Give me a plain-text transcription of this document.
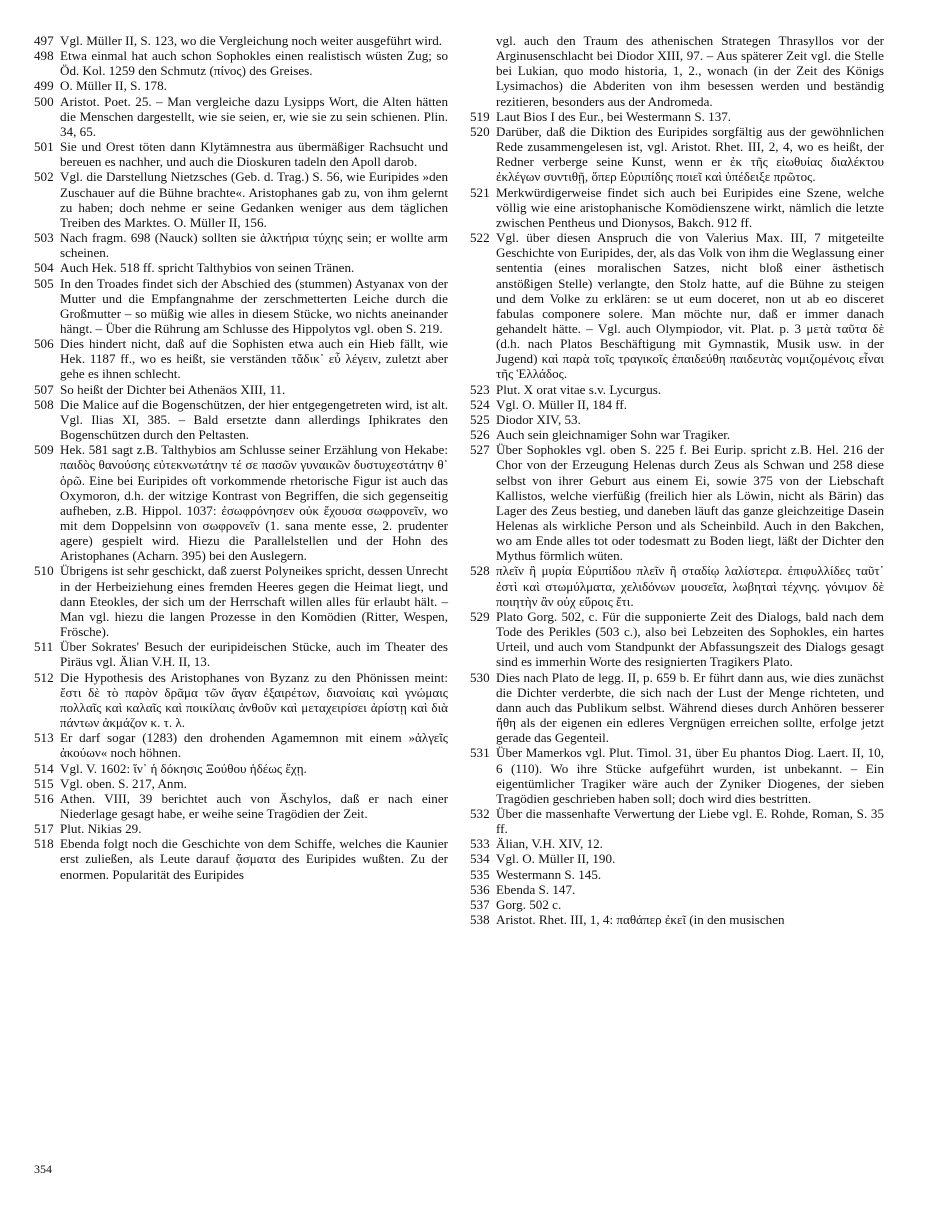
497 Vgl. Müller II, S. 123, wo die Vergleichung noch weiter ausgeführt wird.
498 Etwa einmal hat auch schon Sophokles einen realistisch wüsten Zug; so Öd. Kol. 1259 den Schmutz (πίνος) des Greises.
499 O. Müller II, S. 178.
500 Aristot. Poet. 25. – Man vergleiche dazu Lysipps Wort, die Alten hätten die Menschen dargestellt, wie sie seien, er, wie sie zu sein schienen. Plin. 34, 65.
501 Sie und Orest töten dann Klytämnestra aus übermäßiger Rachsucht und bereuen es nachher, und auch die Dioskuren tadeln den Apoll darob.
502 Vgl. die Darstellung Nietzsches (Geb. d. Trag.) S. 56, wie Euripides »den Zuschauer auf die Bühne brachte«. Aristophanes gab zu, von ihm gelernt zu haben; doch nehme er seine Gedanken weniger aus dem täglichen Treiben des Marktes. O. Müller II, 156.
503 Nach fragm. 698 (Nauck) sollten sie ἀλκτήρια τύχης sein; er wollte arm scheinen.
504 Auch Hek. 518 ff. spricht Talthybios von seinen Tränen.
505 In den Troades findet sich der Abschied des (stummen) Astyanax von der Mutter und die Empfangnahme der zerschmetterten Leiche durch die Großmutter – so müßig wie alles in diesem Stücke, wo nichts aneinander hängt. – Über die Rührung am Schlusse des Hippolytos vgl. oben S. 219.
506 Dies hindert nicht, daß auf die Sophisten etwa auch ein Hieb fällt, wie Hek. 1187 ff., wo es heißt, sie verständen τἄδικ᾽ εὖ λέγειν, zuletzt aber gehe es ihnen schlecht.
507 So heißt der Dichter bei Athenäos XIII, 11.
508 Die Malice auf die Bogenschützen, der hier entgegengetreten wird, ist alt. Vgl. Ilias XI, 385. – Bald ersetzte dann allerdings Iphikrates den Bogenschützen durch den Peltasten.
509 Hek. 581 sagt z.B. Talthybios am Schlusse seiner Erzählung von Hekabe: παιδὸς θανούσης εὐτεκνωτάτην τέ σε πασῶν γυναικῶν δυστυχεστάτην θ᾽ ὁρῶ. Eine bei Euripides oft vorkommende rhetorische Figur ist auch das Oxymoron, d.h. der witzige Kontrast von Begriffen, die sich gegenseitig aufheben, z.B. Hippol. 1037: ἐσωφρόνησεν οὐκ ἔχουσα σωφρονεῖν, wo mit dem Doppelsinn von σωφρονεῖν (1. sana mente esse, 2. prudenter agere) gespielt wird. Hiezu die Parallelstellen und der Hohn des Aristophanes (Acharn. 395) bei den Auslegern.
510 Übrigens ist sehr geschickt, daß zuerst Polyneikes spricht, dessen Unrecht in der Herbeiziehung eines fremden Heeres gegen die Heimat liegt, und dann Eteokles, der sich um der Herrschaft willen alles für erlaubt hält. – Man vgl. hiezu die langen Prozesse in den Komödien (Ritter, Wespen, Frösche).
511 Über Sokrates' Besuch der euripideischen Stücke, auch im Theater des Piräus vgl. Älian V.H. II, 13.
512 Die Hypothesis des Aristophanes von Byzanz zu den Phönissen meint: ἔστι δὲ τὸ παρὸν δρᾶμα τῶν ἄγαν ἐξαιρέτων, διανοίαις καὶ γνώμαις πολλαῖς καὶ καλαῖς καὶ ποικίλαις ἀνθοῦν καὶ μεταχειρίσει ἀρίστῃ καὶ διὰ πάντων ἀκμάζον κ. τ. λ.
513 Er darf sogar (1283) den drohenden Agamemnon mit einem »ἀλγεῖς ἀκούων« noch höhnen.
514 Vgl. V. 1602: ἵν᾽ ἡ δόκησις Ξούθου ἡδέως ἔχῃ.
515 Vgl. oben. S. 217, Anm.
516 Athen. VIII, 39 berichtet auch von Äschylos, daß er nach einer Niederlage gesagt habe, er weihe seine Tragödien der Zeit.
517 Plut. Nikias 29.
518 Ebenda folgt noch die Geschichte von dem Schiffe, welches die Kaunier erst zuließen, als Leute darauf ᾄσματα des Euripides wußten. Zu der enormen. Popularität des Euripides
vgl. auch den Traum des athenischen Strategen Thrasyllos vor der Arginusenschlacht bei Diodor XIII, 97. – Aus späterer Zeit vgl. die Stelle bei Lukian, quo modo historia, 1, 2., wonach (in der Zeit des Königs Lysimachos) die Abderiten von ihm besessen werden und beständig rezitieren, besonders aus der Andromeda.
519 Laut Bios I des Eur., bei Westermann S. 137.
520 Darüber, daß die Diktion des Euripides sorgfältig aus der gewöhnlichen Rede zusammengelesen ist, vgl. Aristot. Rhet. III, 2, 4, wo es heißt, der Redner verberge seine Kunst, wenn er ἐκ τῆς εἰωθυίας διαλέκτου ἐκλέγων συντιθῇ, ὅπερ Εὐριπίδης ποιεῖ καὶ ὑπέδειξε πρῶτος.
521 Merkwürdigerweise findet sich auch bei Euripides eine Szene, welche völlig wie eine aristophanische Komödienszene wirkt, nämlich die letzte zwischen Pentheus und Dionysos, Bakch. 912 ff.
522 Vgl. über diesen Anspruch die von Valerius Max. III, 7 mitgeteilte Geschichte von Euripides, der, als das Volk von ihm die Weglassung einer sententia (eines moralischen Satzes, nicht bloß einer ästhetisch anstößigen Stelle) verlangte, den Stolz hatte, auf die Bühne zu steigen und dem Volke zu erklären: se ut eum doceret, non ut ab eo disceret fabulas componere solere. Man möchte nur, daß er immer danach gehandelt hätte. – Vgl. auch Olympiodor, vit. Plat. p. 3 μετὰ ταῦτα δὲ (d.h. nach Platos Beschäftigung mit Gymnastik, Musik usw. in der Jugend) καὶ παρὰ τοῖς τραγικοῖς ἐπαιδεύθη παιδευτὰς νομιζομένοις εἶναι τῆς Ἑλλάδος.
523 Plut. X orat vitae s.v. Lycurgus.
524 Vgl. O. Müller II, 184 ff.
525 Diodor XIV, 53.
526 Auch sein gleichnamiger Sohn war Tragiker.
527 Über Sophokles vgl. oben S. 225 f. Bei Eurip. spricht z.B. Hel. 216 der Chor von der Erzeugung Helenas durch Zeus als Schwan und 258 diese selbst von ihrer Geburt aus einem Ei, sowie 375 von der Liebschaft Kallistos, welche vierfüßig (freilich hier als Löwin, nicht als Bärin) das Lager des Zeus bestieg, und daneben läuft das ganze gleichzeitige Dasein Helenas als wirkliche Person und als Scheinbild. Auch in den Bakchen, wo am Ende alles tot oder todesmatt zu Boden liegt, läßt der Dichter den Mythus förmlich wüten.
528 πλεῖν ἢ μυρία Εὐριπίδου πλεῖν ἢ σταδίῳ λαλίστερα. ἐπιφυλλίδες ταῦτ᾽ ἐστὶ καὶ στωμύλματα, χελιδόνων μουσεῖα, λωβηταὶ τέχνης. γόνιμον δὲ ποιητὴν ἂν οὐχ εὕροις ἔτι.
529 Plato Gorg. 502, c. Für die supponierte Zeit des Dialogs, bald nach dem Tode des Perikles (503 c.), also bei Lebzeiten des Sophokles, ein hartes Urteil, und auch vom Standpunkt der Abfassungszeit des Dialogs gesagt sind es immerhin Worte des resignierten Tragikers Plato.
530 Dies nach Plato de legg. II, p. 659 b. Er führt dann aus, wie dies zunächst die Dichter verderbte, die sich nach der Lust der Menge richteten, und dann auch das Publikum selbst. Während dieses durch Anhören besserer ἤθη als der eigenen ein edleres Vergnügen erreichen sollte, erfolge jetzt gerade das Gegenteil.
531 Über Mamerkos vgl. Plut. Timol. 31, über Eu phantos Diog. Laert. II, 10, 6 (110). Wo ihre Stücke aufgeführt wurden, ist unbekannt. – Ein eigentümlicher Tragiker wäre auch der Zyniker Diogenes, der sieben Tragödien geschrieben haben soll; doch wird dies bestritten.
532 Über die massenhafte Verwertung der Liebe vgl. E. Rohde, Roman, S. 35 ff.
533 Älian, V.H. XIV, 12.
534 Vgl. O. Müller II, 190.
535 Westermann S. 145.
536 Ebenda S. 147.
537 Gorg. 502 c.
538 Aristot. Rhet. III, 1, 4: παθάπερ ἐκεῖ (in den musischen
354
